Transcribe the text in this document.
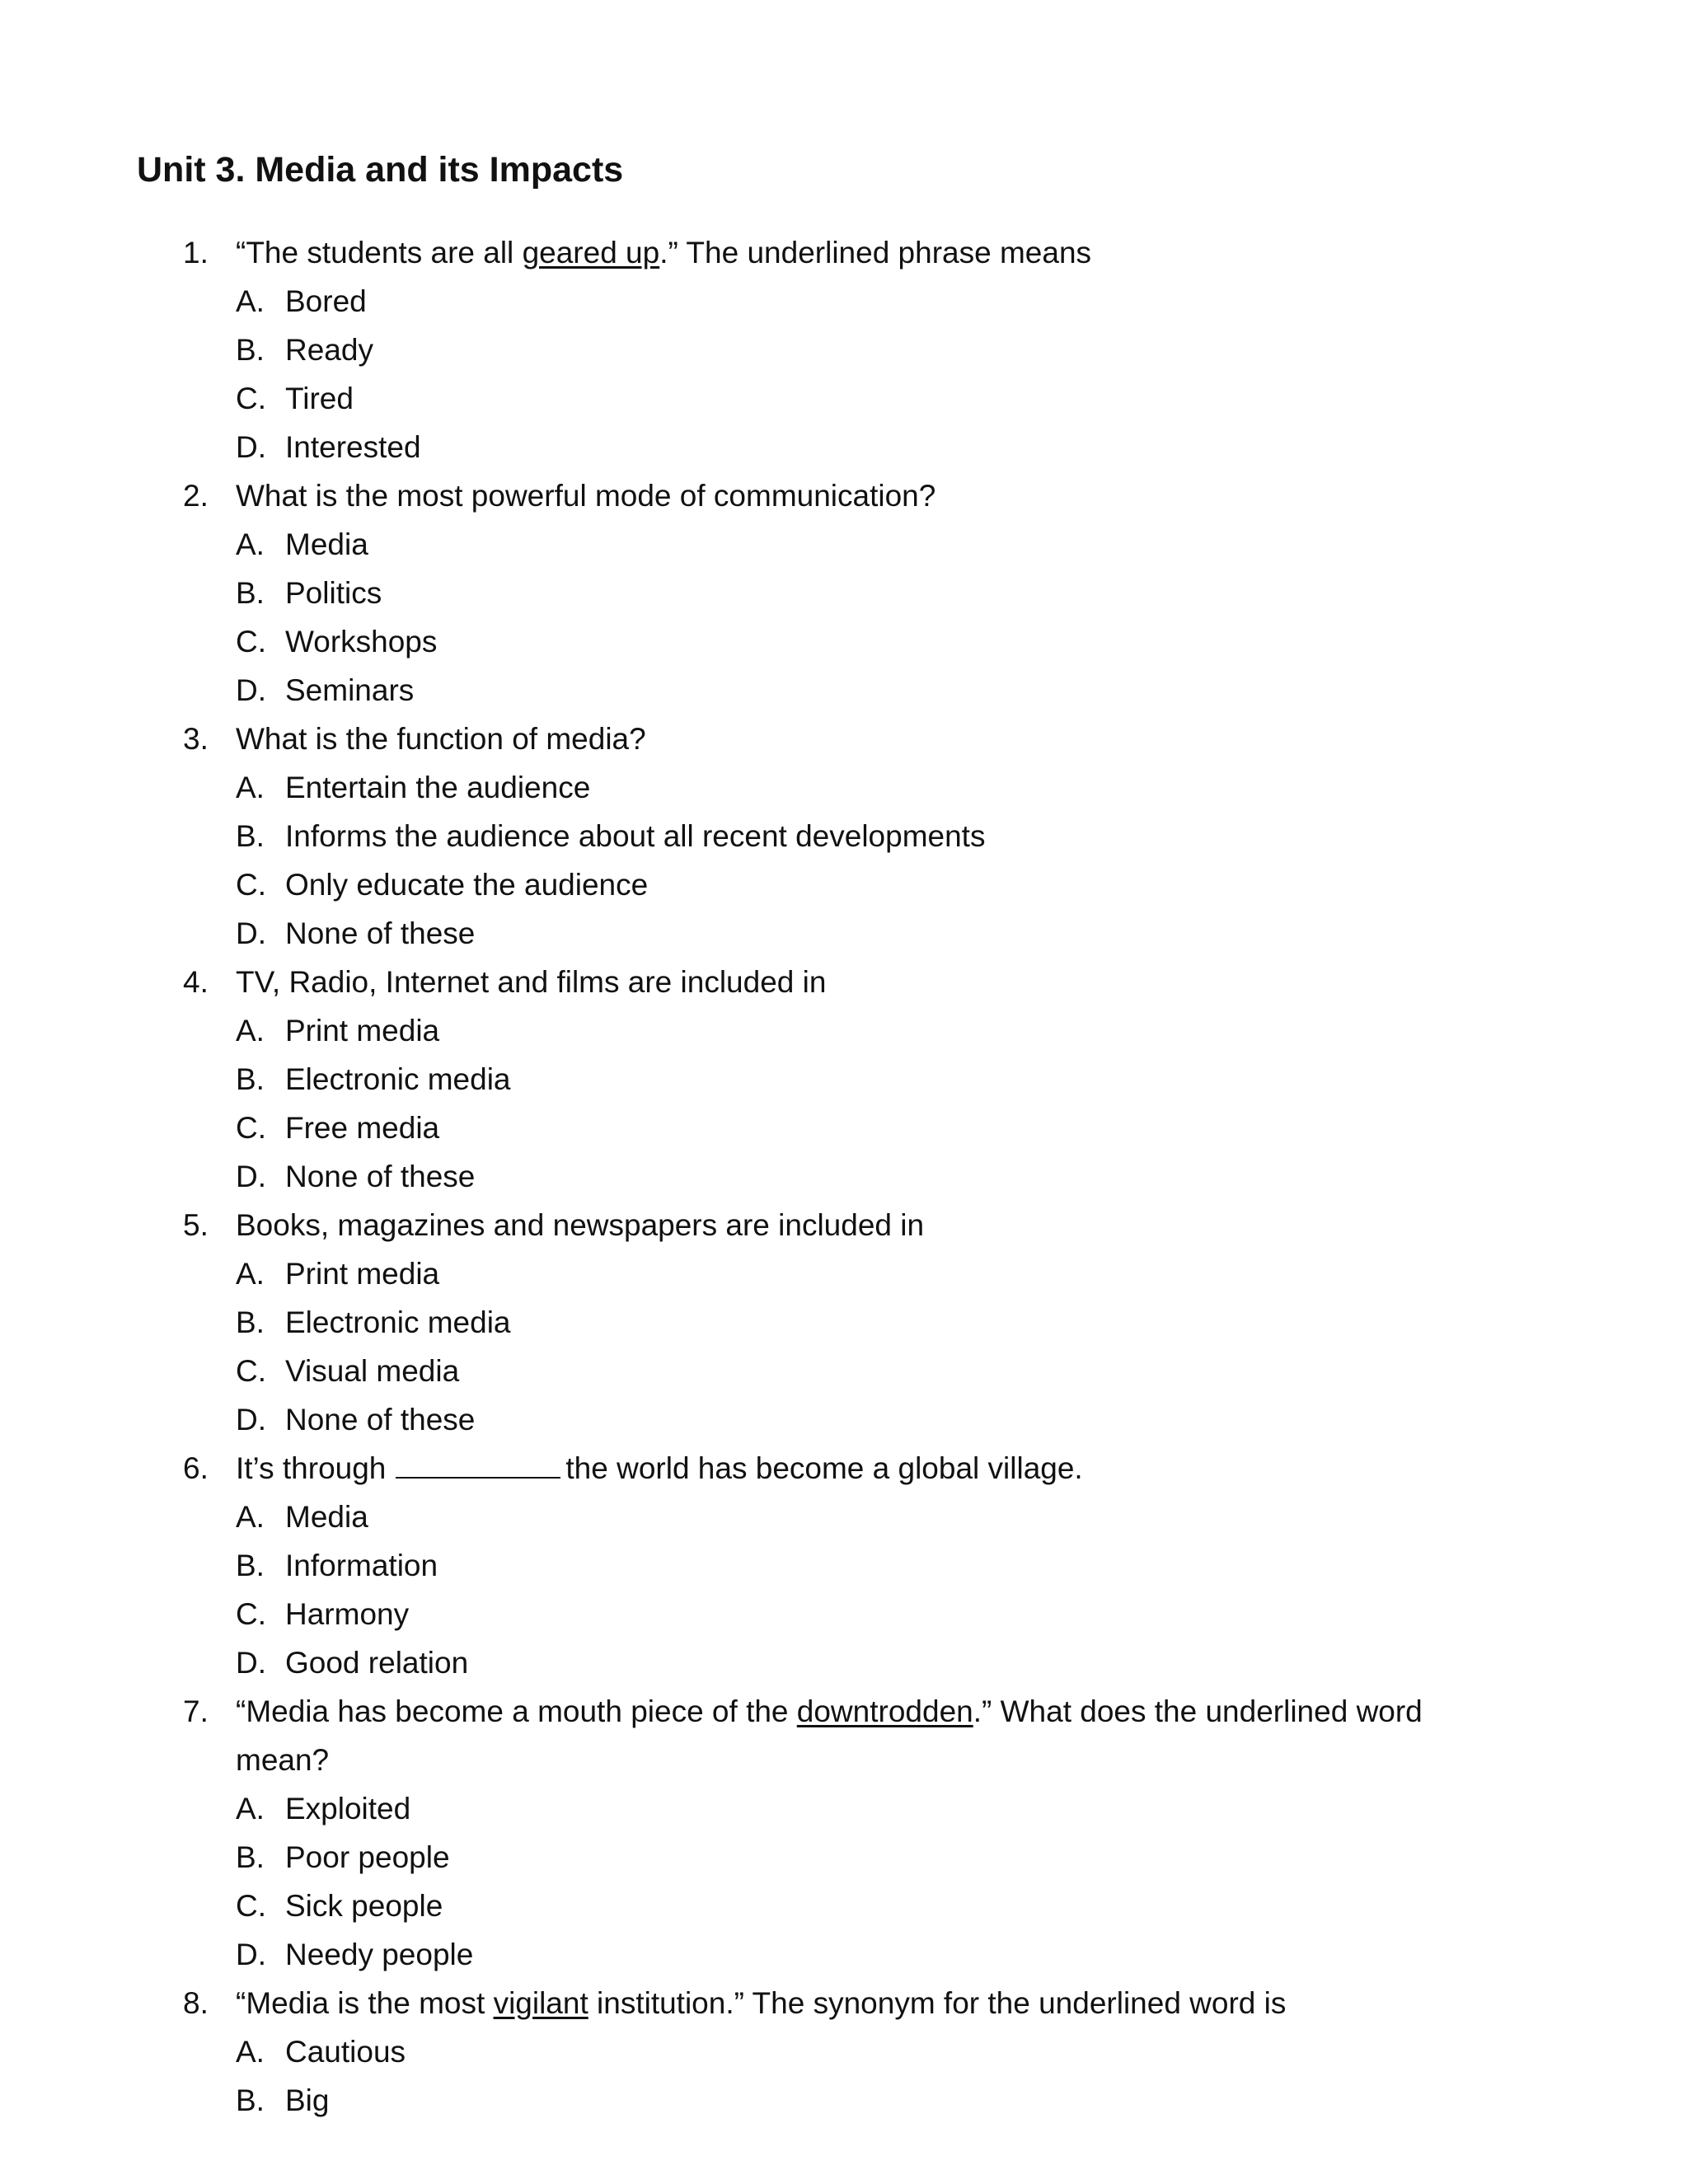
Unit 3. Media and its Impacts
1. “The students are all geared up.” The underlined phrase means
A. Bored
B. Ready
C. Tired
D. Interested
2. What is the most powerful mode of communication?
A. Media
B. Politics
C. Workshops
D. Seminars
3. What is the function of media?
A. Entertain the audience
B. Informs the audience about all recent developments
C. Only educate the audience
D. None of these
4. TV, Radio, Internet and films are included in
A. Print media
B. Electronic media
C. Free media
D. None of these
5. Books, magazines and newspapers are included in
A. Print media
B. Electronic media
C. Visual media
D. None of these
6. It’s through	the world has become a global village.
A. Media
B. Information
C. Harmony
D. Good relation
7. “Media has become a mouth piece of the downtrodden.” What does the underlined word
mean?
A. Exploited
B. Poor people
C. Sick people
D. Needy people
8. “Media is the most vigilant institution.” The synonym for the underlined word is
A. Cautious
B. Big
